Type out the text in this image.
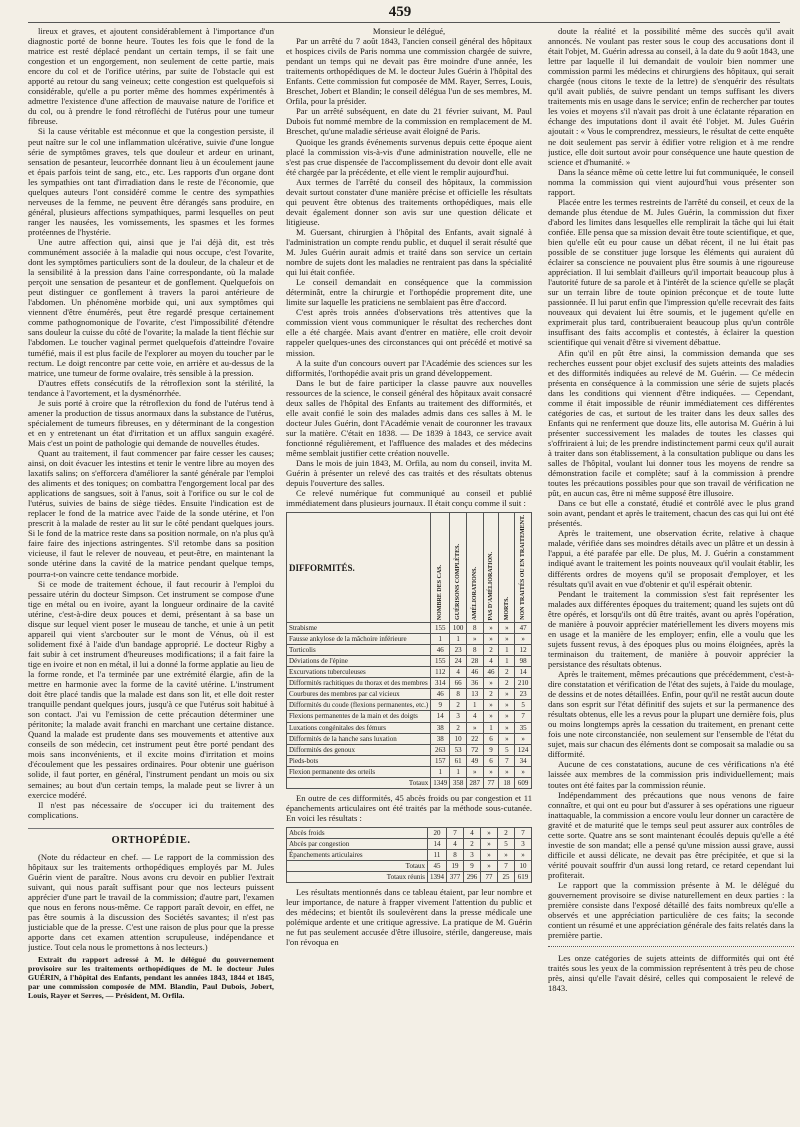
459

lireux et graves, et ajoutent considérablement à l'importance d'un diagnostic porté de bonne heure. Toutes les fois que le fond de la matrice est resté déplacé pendant un certain temps, il se fait une congestion et un engorgement, non seulement de cette partie, mais encore du col et de l'orifice utérins, par suite de l'obstacle qui est apporté au retour du sang veineux; cette congestion est quelquefois si considérable, qu'elle a pu porter même des hommes expérimentés à admettre l'existence d'une affection de mauvaise nature de l'orifice et du col, ou à prendre le fond rétrofléchi de l'utérus pour une tumeur fibreuse.

Si la cause véritable est méconnue et que la congestion persiste, il peut naître sur le col une inflammation ulcérative, suivie d'une longue série de symptômes graves, tels que douleur et ardeur en urinant, sensation de pesanteur, leucorrhée donnant lieu à un écoulement jaune et épais parfois teint de sang, etc., etc. Les rapports d'un organe dont les sympathies ont tant d'irradiation dans le reste de l'économie, que quelques auteurs l'ont considéré comme le centre des sympathies nerveuses de la femme, ne peuvent être dérangés sans produire, en général, plusieurs affections sympathiques, parmi lesquelles on peut ranger les nausées, les vomissements, les spasmes et les formes protéennes de l'hystérie.

Une autre affection qui, ainsi que je l'ai déjà dit, est très communément associée à la maladie qui nous occupe, c'est l'ovarite, dont les symptômes particuliers sont de la douleur, de la chaleur et de la sensibilité à la pression dans l'aine correspondante, où la malade perçoit une sensation de pesanteur et de gonflement. Quelquefois on peut distinguer ce gonflement à travers la paroi antérieure de l'abdomen. Un phénomène morbide qui, uni aux symptômes qui viennent d'être énumérés, peut être regardé presque certainement comme pathognomonique de l'ovarite, c'est l'impossibilité d'étendre sans douleur la cuisse du côté de l'ovarite; la malade la tient fléchie sur l'abdomen. Le toucher vaginal permet quelquefois d'atteindre l'ovaire tuméfié, mais il est plus facile de l'explorer au moyen du toucher par le rectum. Le doigt rencontre par cette voie, en arrière et au-dessus de la matrice, une tumeur de forme ovalaire, très sensible à la pression.

D'autres effets consécutifs de la rétroflexion sont la stérilité, la tendance à l'avortement, et la dysménorrhée.

Je suis porté à croire que la rétroflexion du fond de l'utérus tend à amener la production de tissus anormaux dans la substance de l'utérus, spécialement de tumeurs fibreuses, en y déterminant de la congestion et en y entretenant un état d'irritation et un afflux sanguin exagéré. Mais c'est un point de pathologie qui demande de nouvelles études.

Quant au traitement, il faut commencer par faire cesser les causes; ainsi, on doit évacuer les intestins et tenir le ventre libre au moyen des laxatifs salins; on s'efforcera d'améliorer la santé générale par l'emploi des aliments et des toniques; on combattra l'engorgement local par des applications de sangsues, soit à l'anus, soit à l'orifice ou sur le col de l'utérus, suivies de bains de siège tièdes. Ensuite l'indication est de replacer le fond de la matrice avec l'aide de la sonde utérine, et l'on prescrit à la malade de rester au lit sur le côté pendant quelques jours. Si le fond de la matrice reste dans sa position normale, on n'a plus qu'à faire faire des injections astringentes. S'il retombe dans sa position vicieuse, il faut le relever de nouveau, et peut-être, en maintenant la sonde utérine dans la cavité de la matrice pendant quelque temps, pourra-t-on vaincre cette tendance morbide.

Si ce mode de traitement échoue, il faut recourir à l'emploi du pessaire utérin du docteur Simpson. Cet instrument se compose d'une tige en métal ou en ivoire, ayant la longueur ordinaire de la cavité utérine, c'est-à-dire deux pouces et demi, présentant à sa base un disque sur lequel vient poser le museau de tanche, et unie à un petit appareil qui vient s'arcbouter sur le mont de Vénus, où il est solidement fixé à l'aide d'un bandage approprié. Le docteur Rigby a fait subir à cet instrument d'heureuses modifications; il a fait faire la tige en ivoire et non en métal, il lui a donné la forme applatie au lieu de la forme ronde, et l'a terminée par une extrémité élargie, afin de la mettre en harmonie avec la forme de la cavité utérine. L'instrument doit être placé tandis que la malade est dans son lit, et elle doit rester tranquille pendant quelques jours, jusqu'à ce que l'utérus soit habitué à son contact. J'ai vu l'emission de cette précaution déterminer une péritonite; la malade avait franchi en marchant une certaine distance. Quand la malade est prudente dans ses mouvements et attentive aux conseils de son médecin, cet instrument peut être porté pendant des mois sans inconvénients, et il excite moins d'irritation et moins d'écoulement que les pessaires ordinaires. Pour obtenir une guérison solide, il faut porter, en général, l'instrument pendant un mois ou six semaines; au bout d'un certain temps, la malade peut se livrer à un exercice modéré.

Il n'est pas nécessaire de s'occuper ici du traitement des complications.

ORTHOPÉDIE.

(Note du rédacteur en chef. — Le rapport de la commission des hôpitaux sur les traitements orthopédiques employés par M. Jules Guérin vient de paraître. Nous avons cru devoir en publier l'extrait suivant, qui nous paraît suffisant pour que nos lecteurs puissent apprécier d'une part le travail de la commission; d'autre part, l'examen que nous en ferons nous-même. Ce rapport paraît devoir, en effet, ne pas être soumis à la discussion des Sociétés savantes; il n'est pas justiciable que de la presse. C'est une raison de plus pour que la presse apporte dans cet examen attention scrupuleuse, indépendance et justice. Tout cela nous le promettons à nos lecteurs.)

Extrait du rapport adressé à M. le délégué du gouvernement provisoire sur les traitements orthopédiques de M. le docteur Jules GUÉRIN, à l'hôpital des Enfants, pendant les années 1843, 1844 et 1845, par une commission composée de MM. Blandin, Paul Dubois, Jobert, Louis, Rayer et Serres, — Président, M. Orfila.

Monsieur le délégué,

Par un arrêté du 7 août 1843, l'ancien conseil général des hôpitaux et hospices civils de Paris nomma une commission chargée de suivre, pendant un temps qui ne devait pas être moindre d'une année, les traitements orthopédiques de M. le docteur Jules Guérin à l'hôpital des Enfants. Cette commission fut composée de MM. Rayer, Serres, Louis, Breschet, Jobert et Blandin; le conseil délégua l'un de ses membres, M. Orfila, pour la présider.

Par un arrêté subséquent, en date du 21 février suivant, M. Paul Dubois fut nommé membre de la commission en remplacement de M. Breschet, qu'une maladie sérieuse avait éloigné de Paris.

Quoique les grands événements survenus depuis cette époque aient placé la commission vis-à-vis d'une administration nouvelle, elle ne s'est pas crue dispensée de l'accomplissement du devoir dont elle avait été chargée par la précédente, et elle vient le remplir aujourd'hui.

Aux termes de l'arrêté du conseil des hôpitaux, la commission devait surtout constater d'une manière précise et officielle les résultats qui peuvent être obtenus des traitements orthopédiques, mais elle devait également donner son avis sur une question délicate et litigieuse.

M. Guersant, chirurgien à l'hôpital des Enfants, avait signalé à l'administration un compte rendu public, et duquel il serait résulté que M. Jules Guérin aurait admis et traité dans son service un certain nombre de sujets dont les maladies ne rentraient pas dans la spécialité qui lui était confiée.

Le conseil demandait en conséquence que la commission déterminât, entre la chirurgie et l'orthopédie proprement dite, une limite sur laquelle les praticiens ne semblaient pas être d'accord.

C'est après trois années d'observations très attentives que la commission vient vous communiquer le résultat des recherches dont elle a été chargée. Mais avant d'entrer en matière, elle croit devoir rappeler quelques-unes des circonstances qui ont précédé et motivé sa mission.

A la suite d'un concours ouvert par l'Académie des sciences sur les difformités, l'orthopédie avait pris un grand développement.

Dans le but de faire participer la classe pauvre aux nouvelles ressources de la science, le conseil général des hôpitaux avait consacré deux salles de l'hôpital des Enfants au traitement des difformités, et elle avait confié le soin des malades admis dans ces salles à M. le docteur Jules Guérin, dont l'Académie venait de couronner les travaux sur la matière. C'était en 1838. — De 1839 à 1843, ce service avait fonctionné régulièrement, et l'affluence des malades et des médecins même semblait justifier cette création nouvelle.

Dans le mois de juin 1843, M. Orfila, au nom du conseil, invita M. Guérin à présenter un relevé des cas traités et des résultats obtenus depuis l'ouverture des salles.

Ce relevé numérique fut communiqué au conseil et publié immédiatement dans plusieurs journaux. Il était conçu comme il suit :

DIFFORMITÉS.	NOMBRE DES CAS.	GUÉRISONS COMPLÈTES.	AMÉLIORATIONS.	PAS D'AMÉLIORATION.	MORTS.	NON TRAITÉS OU EN TRAITEMENT.

Strabisme	155	100	8	»	»	47
Fausse ankylose de la mâchoire inférieure	1	1	»	»	»	»
Torticolis	46	23	8	2	1	12
Déviations de l'épine	155	24	28	4	1	98
Excurvations tuberculeuses	112	4	46	46	2	14
Difformités rachitiques du thorax et des membres	314	66	36	»	2	210
Courbures des membres par cal vicieux	46	8	13	2	»	23
Difformités du coude (flexions permanentes, etc.)	9	2	1	»	»	5
Flexions permanentes de la main et des doigts	14	3	4	»	»	7
Luxations congénitales des fémurs	38	2	»	1	»	35
Difformités de la hanche sans luxation	38	10	22	6	»	»
Difformités des genoux	263	53	72	9	5	124
Pieds-bots	157	61	49	6	7	34
Flexion permanente des orteils	1	1	»	»	»	»
Totaux	1349	358	287	77	18	609

En outre de ces difformités, 45 abcès froids ou par congestion et 11 épanchements articulaires ont été traités par la méthode sous-cutanée. En voici les résultats :

Abcès froids	20	7	4	»	2	7
Abcès par congestion	14	4	2	»	5	3
Épanchements articulaires	11	8	3	»	»	»
Totaux	45	19	9	»	7	10
Totaux réunis	1394	377	296	77	25	619

Les résultats mentionnés dans ce tableau étaient, par leur nombre et leur importance, de nature à frapper vivement l'attention du public et des médecins; et bientôt ils soulevèrent dans la presse médicale une polémique ardente et une critique agressive. La pratique de M. Guérin ne fut pas seulement accusée d'être illusoire, stérile, dangereuse, mais l'on révoqua en

doute la réalité et la possibilité même des succès qu'il avait annoncés. Ne voulant pas rester sous le coup des accusations dont il était l'objet, M. Guérin adressa au conseil, à la date du 9 août 1843, une lettre par laquelle il lui demandait de vouloir bien nommer une commission parmi les médecins et chirurgiens des hôpitaux, qui serait chargée (nous citons le texte de la lettre) de s'enquérir des résultats qu'il avait publiés, de suivre pendant un temps suffisant les divers traitements mis en usage dans le service; enfin de rechercher par toutes les voies et moyens s'il n'avait pas droit à une éclatante réparation en échange des imputations dont il avait été l'objet. M. Jules Guérin ajoutait : « Vous le comprendrez, messieurs, le résultat de cette enquête ne doit seulement pas servir à édifier votre religion et à me rendre justice, elle doit surtout avoir pour conséquence une haute question de science et d'humanité. »

Dans la séance même où cette lettre lui fut communiquée, le conseil nomma la commission qui vient aujourd'hui vous présenter son rapport.

Placée entre les termes restreints de l'arrêté du conseil, et ceux de la demande plus étendue de M. Jules Guérin, la commission dut fixer d'abord les limites dans lesquelles elle remplirait la tâche qui lui était confiée. Elle pensa que sa mission devait être toute scientifique, et que, bien qu'elle eût eu pour cause un débat récent, il ne lui était pas possible de se constituer juge lorsque les éléments qui auraient dû éclairer sa conscience ne pouvaient plus être soumis à une rigoureuse appréciation. Il lui semblait d'ailleurs qu'il importait beaucoup plus à l'autorité future de sa parole et à l'intérêt de la science qu'elle se plaçât sur un terrain libre de toute opinion préconçue et de toute lutte passionnée. Il lui parut enfin que l'impression qu'elle recevrait des faits nouveaux qui devaient lui être soumis, et le jugement qu'elle en exprimerait plus tard, contribueraient beaucoup plus qu'un contrôle insuffisant des faits accomplis et contestés, à éclairer la question scientifique qui venait d'être si vivement débattue.

Afin qu'il en pût être ainsi, la commission demanda que ses recherches eussent pour objet exclusif des sujets atteints des maladies et des difformités indiquées au relevé de M. Guérin. — Ce médecin présenta en conséquence à la commission une série de sujets placés dans les conditions qui viennent d'être indiquées. — Cependant, comme il était impossible de réunir immédiatement ces différentes catégories de cas, et surtout de les traiter dans les deux salles des Enfants qui ne renferment que douze lits, elle autorisa M. Guérin à lui présenter successivement les malades de toutes les classes qui s'offriraient à lui; de les prendre indistinctement parmi ceux qu'il aurait à traiter dans son établissement, à la consultation publique ou dans les salles de l'hôpital, voulant lui donner tous les moyens de rendre sa démonstration facile et complète; sauf à la commission à prendre toutes les précautions possibles pour que son travail de vérification ne pût, en aucun cas, être ni même supposé être illusoire.

Dans ce but elle a constaté, étudié et contrôlé avec le plus grand soin avant, pendant et après le traitement, chacun des cas qui lui ont été présentés.

Après le traitement, une observation écrite, relative à chaque malade, vérifiée dans ses moindres détails avec un plâtre et un dessin à l'appui, a été parafée par elle. De plus, M. J. Guérin a constamment indiqué avant le traitement les points nouveaux qu'il voulait établir, les différents ordres de moyens qu'il se proposait d'employer, et les résultats qu'il avait en vue d'obtenir et qu'il espérait obtenir.

Pendant le traitement la commission s'est fait représenter les malades aux différentes époques du traitement; quand les sujets ont dû être opérés, et lorsqu'ils ont dû être traités, avant ou après l'opération, de manière à pouvoir apprécier matériellement les divers moyens mis en usage et la manière de les employer; enfin, elle a voulu que les sujets fussent revus, à des époques plus ou moins éloignées, après la terminaison du traitement, de manière à pouvoir apprécier la persistance des résultats obtenus.

Après le traitement, mêmes précautions que précédemment, c'est-à-dire constatation et vérification de l'état des sujets, à l'aide du moulage, de dessins et de notes détaillées. Enfin, pour qu'il ne restât aucun doute dans son esprit sur l'état définitif des sujets et sur la permanence des résultats obtenus, elle les a revus pour la plupart une dernière fois, plus ou moins longtemps après la cessation du traitement, en prenant cette fois une note circonstanciée, non seulement sur l'ensemble de l'état du sujet, mais sur chacun des éléments dont se composait sa maladie ou sa difformité.

Aucune de ces constatations, aucune de ces vérifications n'a été laissée aux membres de la commission pris individuellement; mais toutes ont été faites par la commission réunie.

Indépendamment des précautions que nous venons de faire connaître, et qui ont eu pour but d'assurer à ses opérations une rigueur inattaquable, la commission a encore voulu leur donner un caractère de gravité et de maturité que le temps seul peut assurer aux contrôles de cette sorte. Quatre ans se sont maintenant écoulés depuis qu'elle a été investie de son mandat; elle a pensé qu'une mission aussi grave, aussi difficile et aussi délicate, ne devait pas être précipitée, et que si la vérité pouvait souffrir d'un aussi long retard, ce retard cependant lui profiterait.

Le rapport que la commission présente à M. le délégué du gouvernement provisoire se divise naturellement en deux parties : la première consiste dans l'exposé détaillé des faits nombreux qu'elle a observés et une appréciation particulière de ces faits; la seconde contient un résumé et une appréciation générale des faits relatés dans la première partie.

Les onze catégories de sujets atteints de difformités qui ont été traités sous les yeux de la commission représentent à très peu de chose près, ainsi qu'elle l'avait désiré, celles qui composaient le relevé de 1843.
